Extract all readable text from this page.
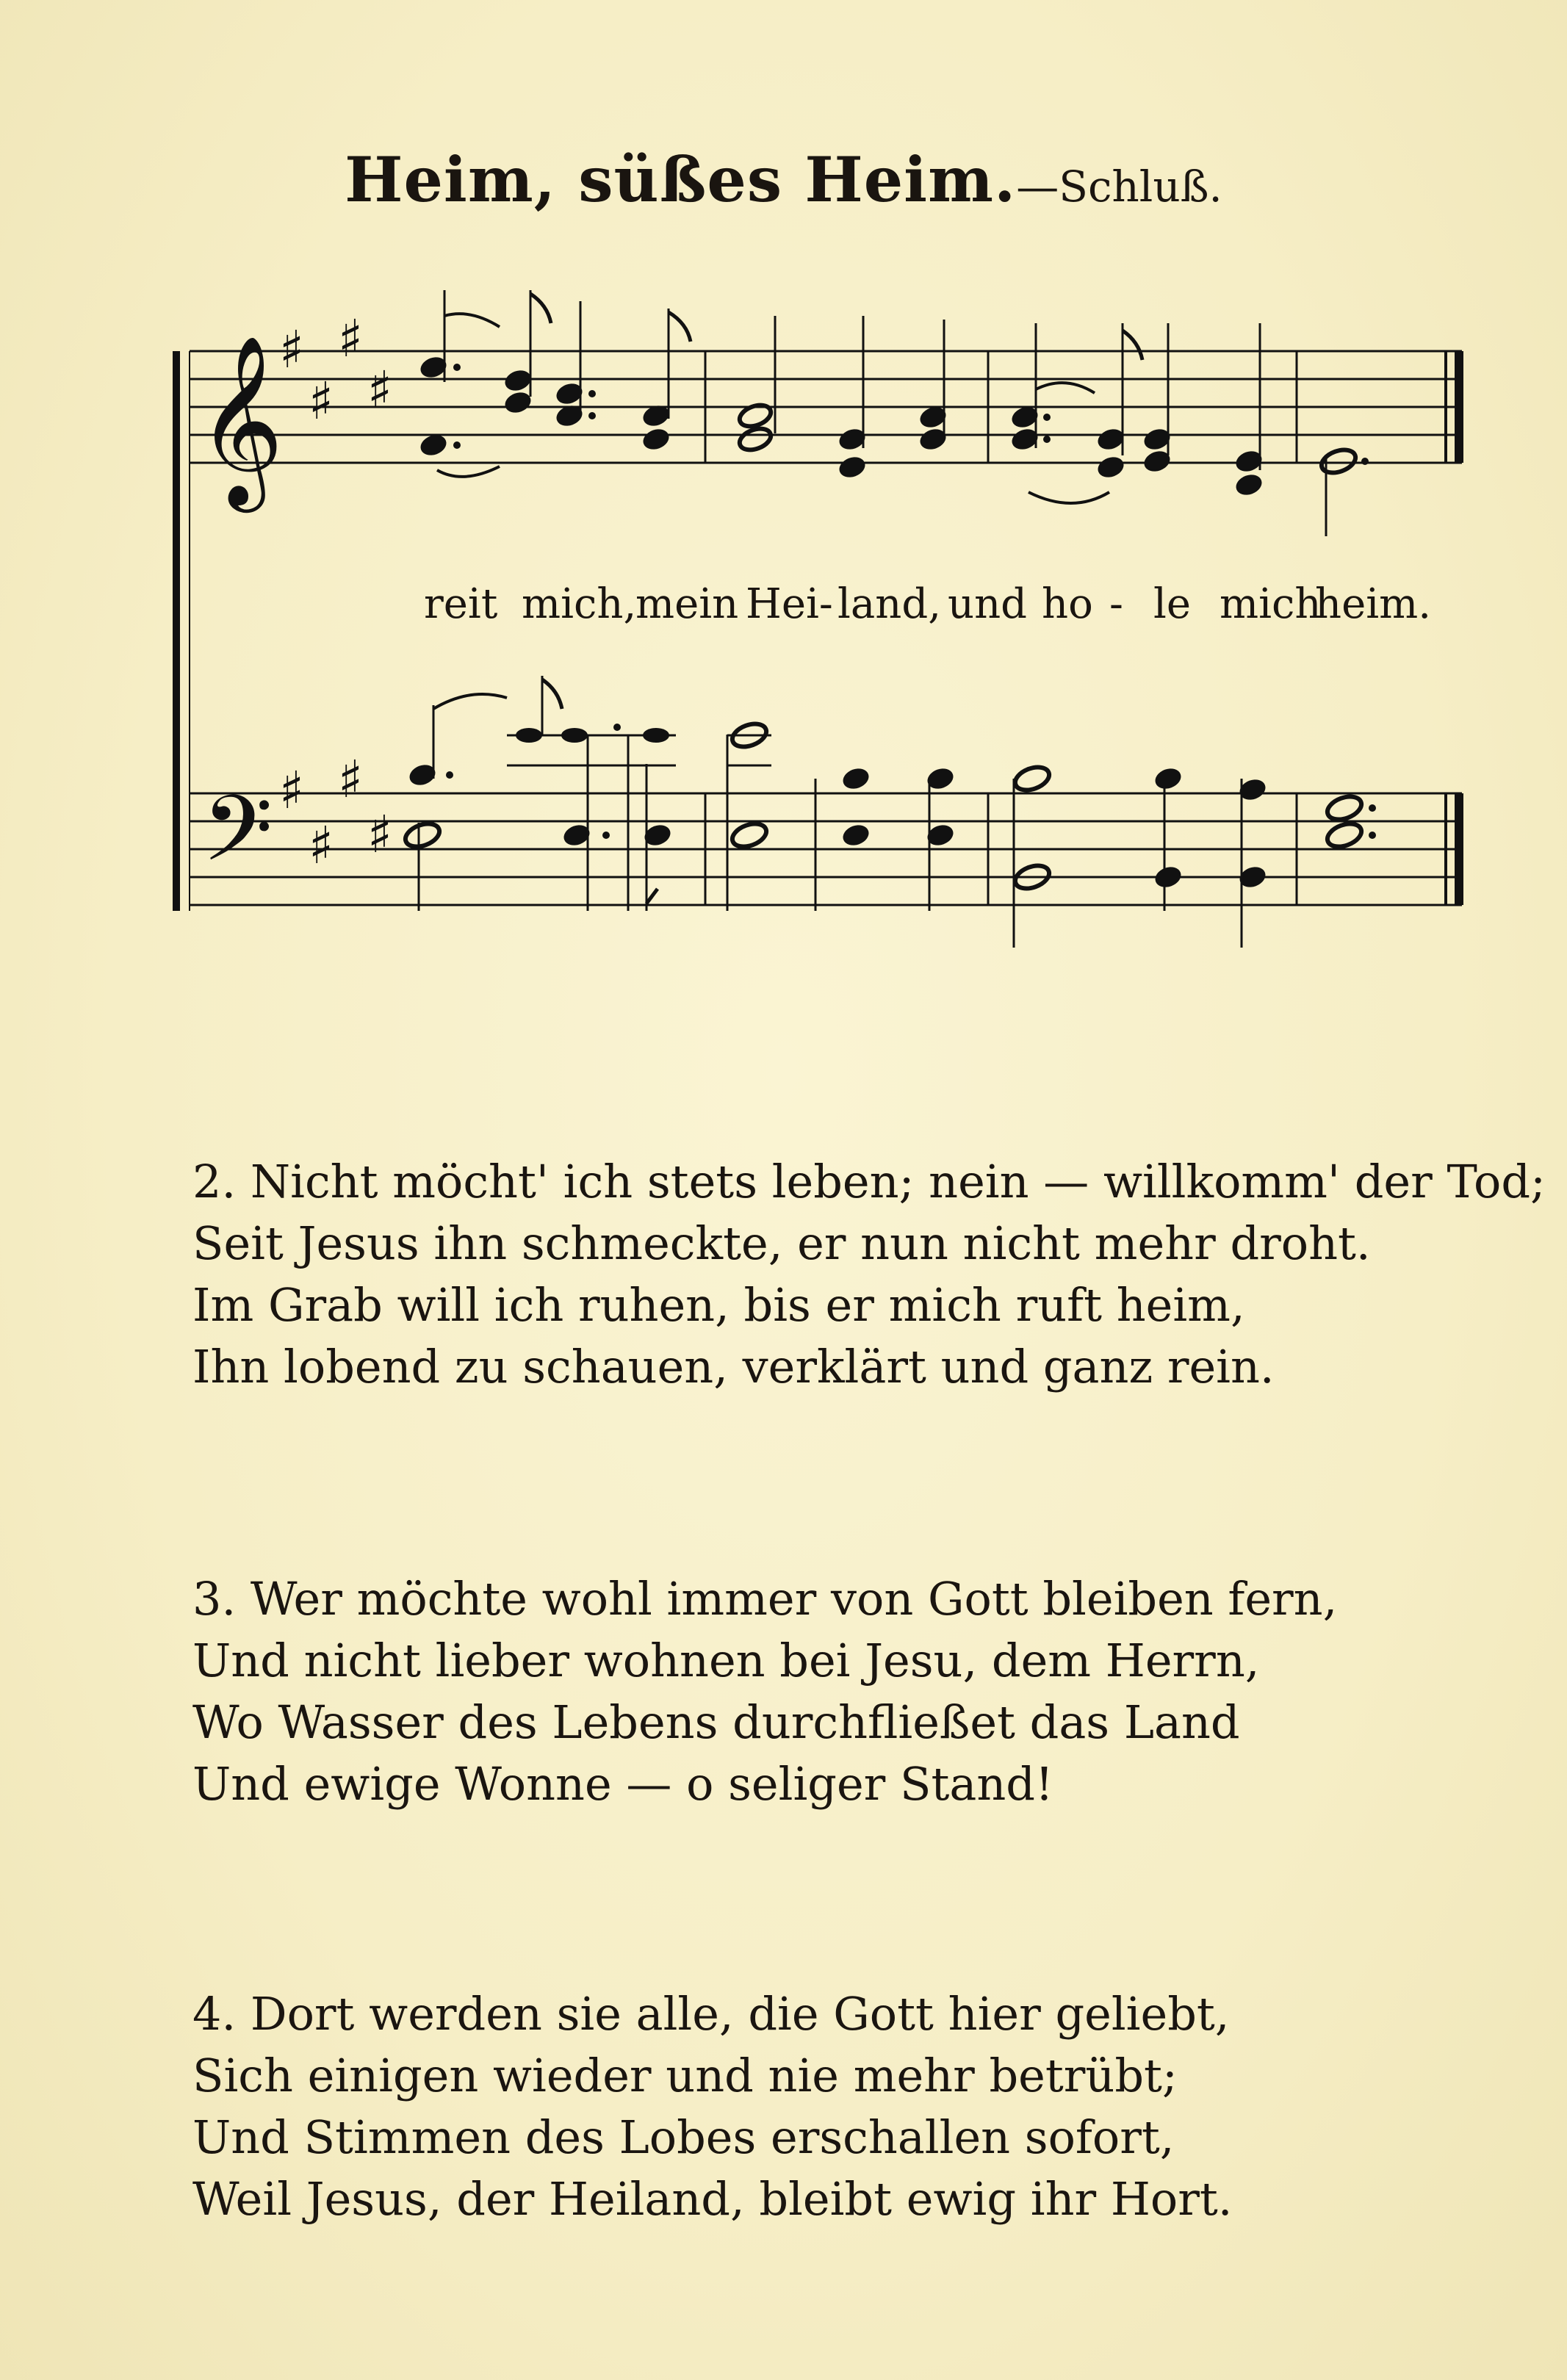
Heim, süßes Heim.—Schluß.
𝄞
𝄢
♯
♯
♯
♯
♯
♯
♯
♯
reit mich,
mein Hei- land, und ho - le mich
heim.
2. Nicht möcht' ich stets leben; nein — willkomm' der Tod;
Seit Jesus ihn schmeckte, er nun nicht mehr droht.
Im Grab will ich ruhen, bis er mich ruft heim,
Ihn lobend zu schauen, verklärt und ganz rein.
3. Wer möchte wohl immer von Gott bleiben fern,
Und nicht lieber wohnen bei Jesu, dem Herrn,
Wo Wasser des Lebens durchfließet das Land
Und ewige Wonne — o seliger Stand!
4. Dort werden sie alle, die Gott hier geliebt,
Sich einigen wieder und nie mehr betrübt;
Und Stimmen des Lobes erschallen sofort,
Weil Jesus, der Heiland, bleibt ewig ihr Hort.
